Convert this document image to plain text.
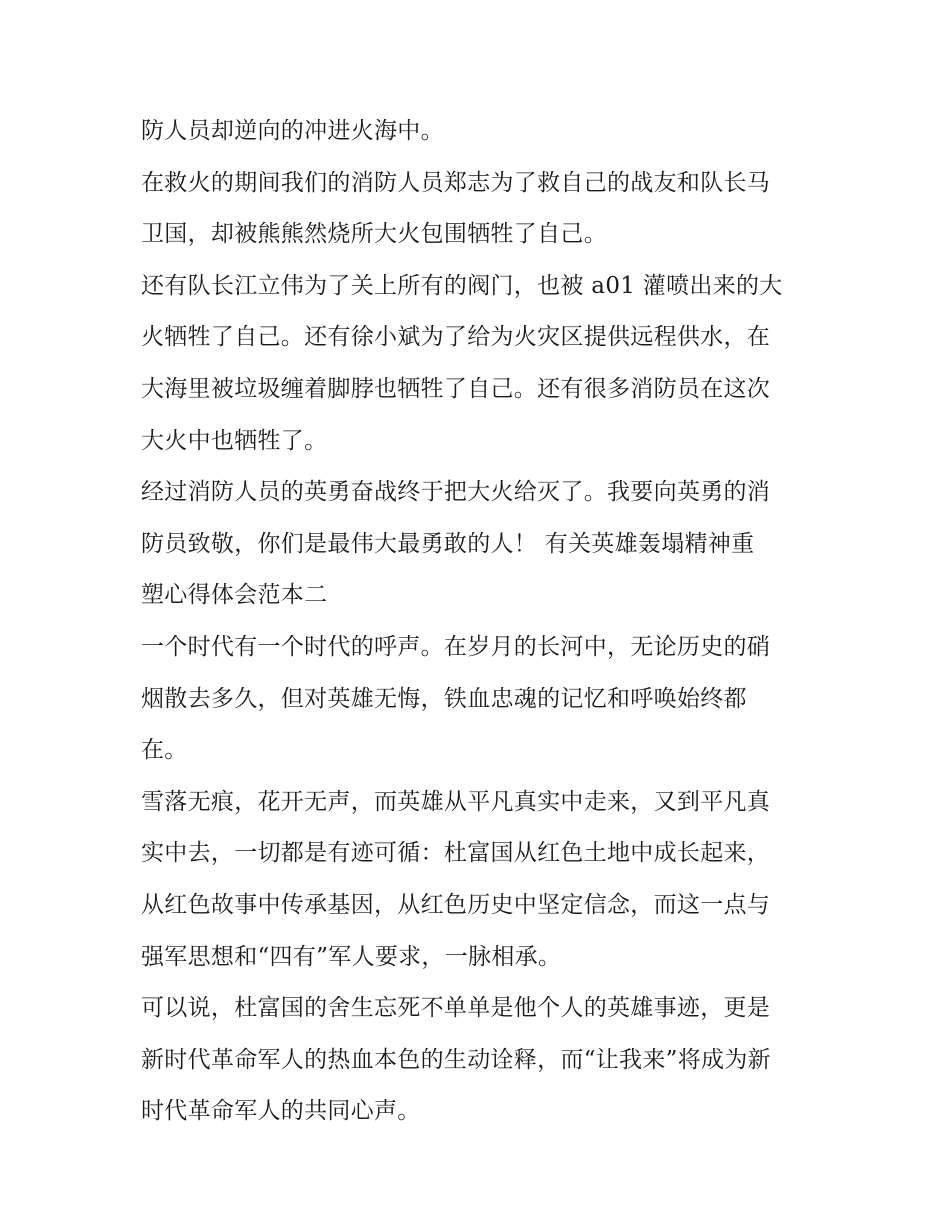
防人员却逆向的冲进火海中。
在救火的期间我们的消防人员郑志为了救自己的战友和队长马
卫国，却被熊熊然烧所大火包围牺牲了自己。
还有队长江立伟为了关上所有的阀门，也被 a01 灌喷出来的大
火牺牲了自己。还有徐小斌为了给为火灾区提供远程供水，在
大海里被垃圾缠着脚脖也牺牲了自己。还有很多消防员在这次
大火中也牺牲了。
经过消防人员的英勇奋战终于把大火给灭了。我要向英勇的消
防员致敬，你们是最伟大最勇敢的人！ 有关英雄轰塌精神重
塑心得体会范本二
一个时代有一个时代的呼声。在岁月的长河中，无论历史的硝
烟散去多久，但对英雄无悔，铁血忠魂的记忆和呼唤始终都
在。
雪落无痕，花开无声，而英雄从平凡真实中走来，又到平凡真
实中去，一切都是有迹可循：杜富国从红色土地中成长起来，
从红色故事中传承基因，从红色历史中坚定信念，而这一点与
强军思想和“四有”军人要求，一脉相承。
可以说，杜富国的舍生忘死不单单是他个人的英雄事迹，更是
新时代革命军人的热血本色的生动诠释，而“让我来”将成为新
时代革命军人的共同心声。
